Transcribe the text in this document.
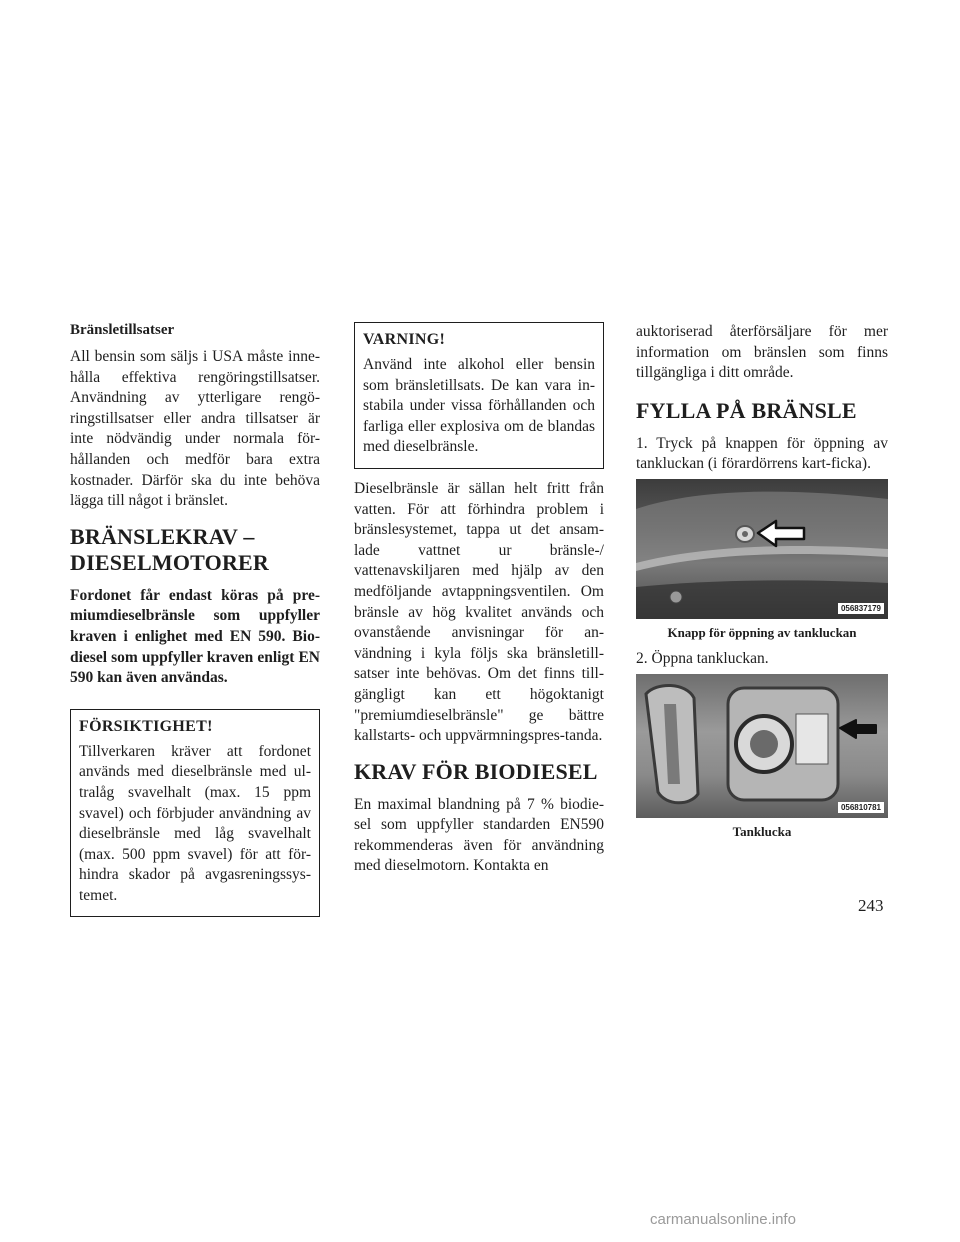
Bränsletillsatser

All bensin som säljs i USA måste inne-hålla effektiva rengöringstillsatser. Användning av ytterligare rengö-ringstillsatser eller andra tillsatser är inte nödvändig under normala för-hållanden och medför bara extra kostnader. Därför ska du inte behöva lägga till något i bränslet.

BRÄNSLEKRAV –
DIESELMOTORER

Fordonet får endast köras på pre-miumdieselbränsle som uppfyller kraven i enlighet med EN 590. Bio-diesel som uppfyller kraven enligt EN 590 kan även användas.

FÖRSIKTIGHET!

Tillverkaren kräver att fordonet används med dieselbränsle med ul-tralåg svavelhalt (max. 15 ppm svavel) och förbjuder användning av dieselbränsle med låg svavelhalt (max. 500 ppm svavel) för att för-hindra skador på avgasreningssys-temet.

VARNING!

Använd inte alkohol eller bensin som bränsletillsats. De kan vara in-stabila under vissa förhållanden och farliga eller explosiva om de blandas med dieselbränsle.

Dieselbränsle är sällan helt fritt från vatten. För att förhindra problem i bränslesystemet, tappa ut det ansam-lade vattnet ur bränsle-/ vattenavskiljaren med hjälp av den medföljande avtappningsventilen. Om bränsle av hög kvalitet används och ovanstående anvisningar för an-vändning i kyla följs ska bränsletill-satser inte behövas. Om det finns till-gängligt kan ett högoktanigt "premiumdieselbränsle" ge bättre kallstarts- och uppvärmningspres-tanda.

KRAV FÖR BIODIESEL

En maximal blandning på 7 % biodie-sel som uppfyller standarden EN590 rekommenderas även för användning med dieselmotorn. Kontakta en

auktoriserad återförsäljare för mer information om bränslen som finns tillgängliga i ditt område.

FYLLA PÅ BRÄNSLE

1. Tryck på knappen för öppning av tankluckan (i förardörrens kart-ficka).

056837179
Knapp för öppning av tankluckan

2. Öppna tankluckan.

056810781
Tanklucka
243
carmanualsonline.info
